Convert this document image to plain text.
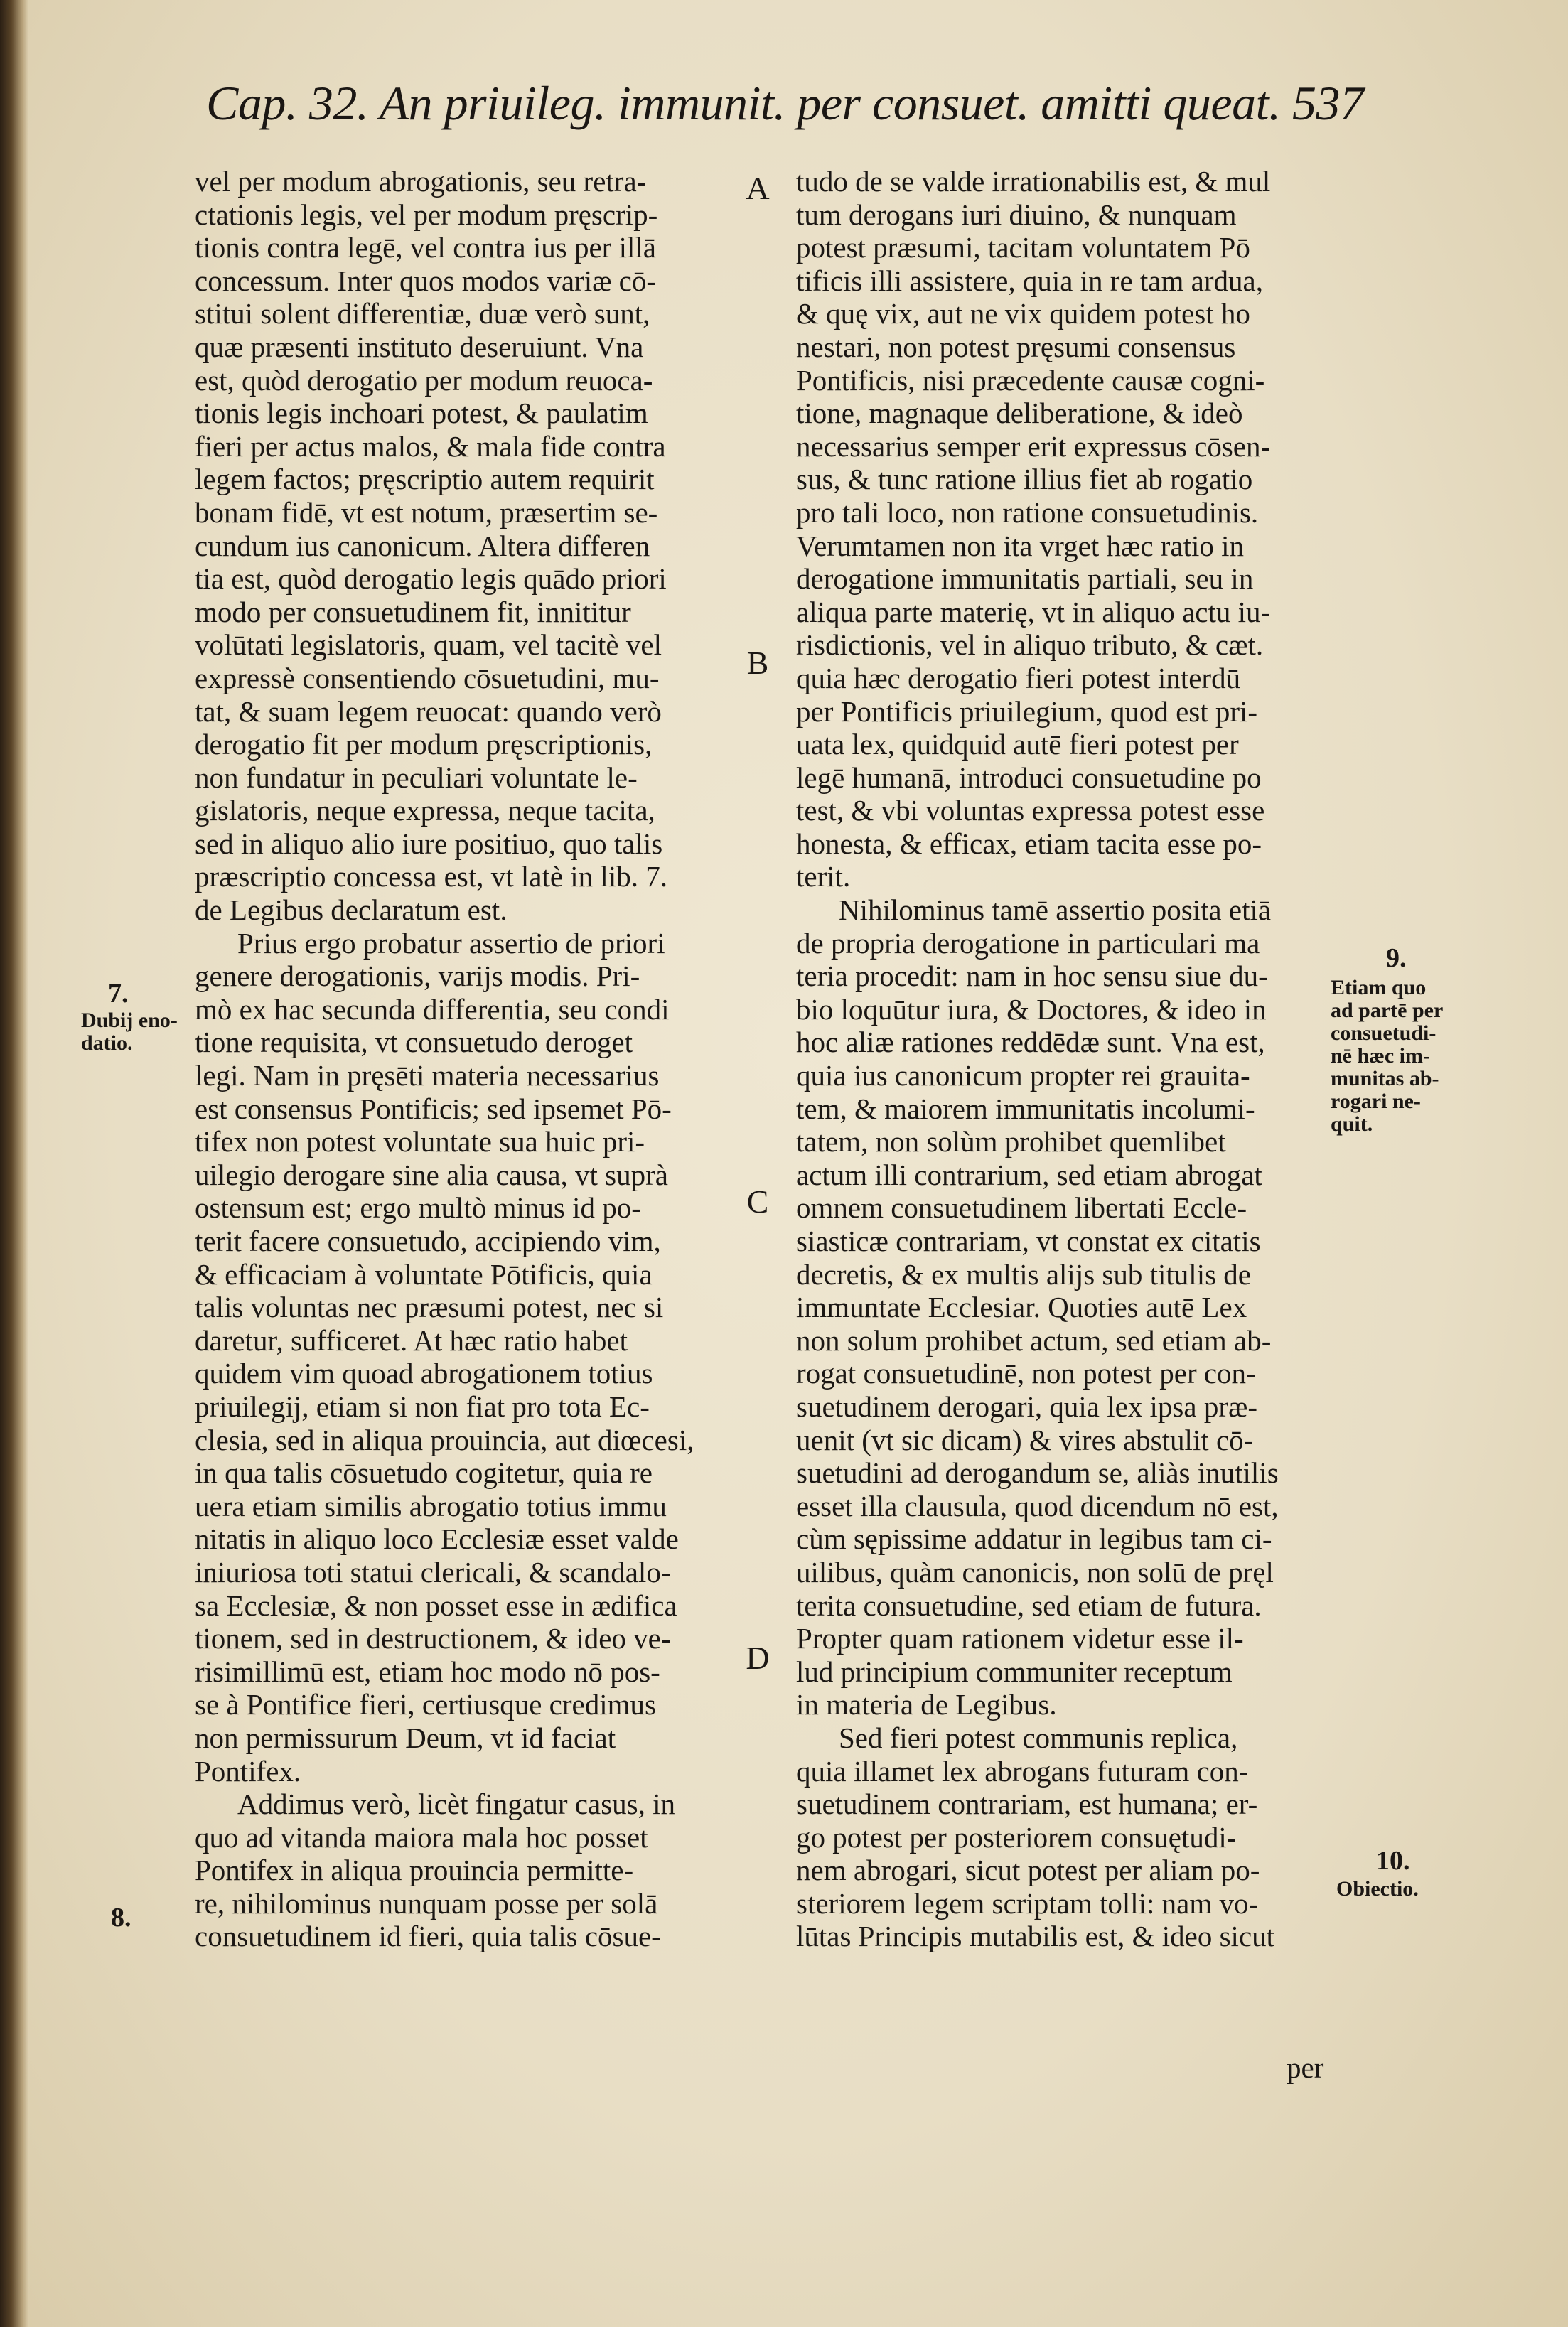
Cap. 32. An priuileg. immunit. per consuet. amitti queat. 537
vel per modum abrogationis, seu retra-
ctationis legis, vel per modum pręscrip-
tionis contra legē, vel contra ius per illā
concessum. Inter quos modos variæ cō-
stitui solent differentiæ, duæ verò sunt,
quæ præsenti instituto deseruiunt. Vna
est, quòd derogatio per modum reuoca-
tionis legis inchoari potest, & paulatim
fieri per actus malos, & mala fide contra
legem factos; pręscriptio autem requirit
bonam fidē, vt est notum, præsertim se-
cundum ius canonicum. Altera differen
tia est, quòd derogatio legis quādo priori
modo per consuetudinem fit, innititur
volūtati legislatoris, quam, vel tacitè vel
expressè consentiendo cōsuetudini, mu-
tat, & suam legem reuocat: quando verò
derogatio fit per modum pręscriptionis,
non fundatur in peculiari voluntate le-
gislatoris, neque expressa, neque tacita,
sed in aliquo alio iure positiuo, quo talis
præscriptio concessa est, vt latè in lib. 7.
de Legibus declaratum est.
Prius ergo probatur assertio de priori
genere derogationis, varijs modis. Pri-
mò ex hac secunda differentia, seu condi
tione requisita, vt consuetudo deroget
legi. Nam in pręsēti materia necessarius
est consensus Pontificis; sed ipsemet Pō-
tifex non potest voluntate sua huic pri-
uilegio derogare sine alia causa, vt suprà
ostensum est; ergo multò minus id po-
terit facere consuetudo, accipiendo vim,
& efficaciam à voluntate Pōtificis, quia
talis voluntas nec præsumi potest, nec si
daretur, sufficeret. At hæc ratio habet
quidem vim quoad abrogationem totius
priuilegij, etiam si non fiat pro tota Ec-
clesia, sed in aliqua prouincia, aut diœcesi,
in qua talis cōsuetudo cogitetur, quia re
uera etiam similis abrogatio totius immu
nitatis in aliquo loco Ecclesiæ esset valde
iniuriosa toti statui clericali, & scandalo-
sa Ecclesiæ, & non posset esse in ædifica
tionem, sed in destructionem, & ideo ve-
risimillimū est, etiam hoc modo nō pos-
se à Pontifice fieri, certiusque credimus
non permissurum Deum, vt id faciat
Pontifex.
Addimus verò, licèt fingatur casus, in
quo ad vitanda maiora mala hoc posset
Pontifex in aliqua prouincia permitte-
re, nihilominus nunquam posse per solā
consuetudinem id fieri, quia talis cōsue-
tudo de se valde irrationabilis est, & mul
tum derogans iuri diuino, & nunquam
potest præsumi, tacitam voluntatem Pō
tificis illi assistere, quia in re tam ardua,
& quę vix, aut ne vix quidem potest ho
nestari, non potest pręsumi consensus
Pontificis, nisi præcedente causæ cogni-
tione, magnaque deliberatione, & ideò
necessarius semper erit expressus cōsen-
sus, & tunc ratione illius fiet ab rogatio
pro tali loco, non ratione consuetudinis.
Verumtamen non ita vrget hæc ratio in
derogatione immunitatis partiali, seu in
aliqua parte materię, vt in aliquo actu iu-
risdictionis, vel in aliquo tributo, & cæt.
quia hæc derogatio fieri potest interdū
per Pontificis priuilegium, quod est pri-
uata lex, quidquid autē fieri potest per
legē humanā, introduci consuetudine po
test, & vbi voluntas expressa potest esse
honesta, & efficax, etiam tacita esse po-
terit.
Nihilominus tamē assertio posita etiā
de propria derogatione in particulari ma
teria procedit: nam in hoc sensu siue du-
bio loquūtur iura, & Doctores, & ideo in
hoc aliæ rationes reddēdæ sunt. Vna est,
quia ius canonicum propter rei grauita-
tem, & maiorem immunitatis incolumi-
tatem, non solùm prohibet quemlibet
actum illi contrarium, sed etiam abrogat
omnem consuetudinem libertati Eccle-
siasticæ contrariam, vt constat ex citatis
decretis, & ex multis alijs sub titulis de
immuntate Ecclesiar. Quoties autē Lex
non solum prohibet actum, sed etiam ab-
rogat consuetudinē, non potest per con-
suetudinem derogari, quia lex ipsa præ-
uenit (vt sic dicam) & vires abstulit cō-
suetudini ad derogandum se, aliàs inutilis
esset illa clausula, quod dicendum nō est,
cùm sępissime addatur in legibus tam ci-
uilibus, quàm canonicis, non solū de pręl
terita consuetudine, sed etiam de futura.
Propter quam rationem videtur esse il-
lud principium communiter receptum
in materia de Legibus.
Sed fieri potest communis replica,
quia illamet lex abrogans futuram con-
suetudinem contrariam, est humana; er-
go potest per posteriorem consuętudi-
nem abrogari, sicut potest per aliam po-
steriorem legem scriptam tolli: nam vo-
lūtas Principis mutabilis est, & ideo sicut
A
B
C
D
7.
Dubij eno-
datio.
8.
9.
Etiam quo
ad partē per
consuetudi-
nē hæc im-
munitas ab-
rogari ne-
quit.
10.
Obiectio.
per
